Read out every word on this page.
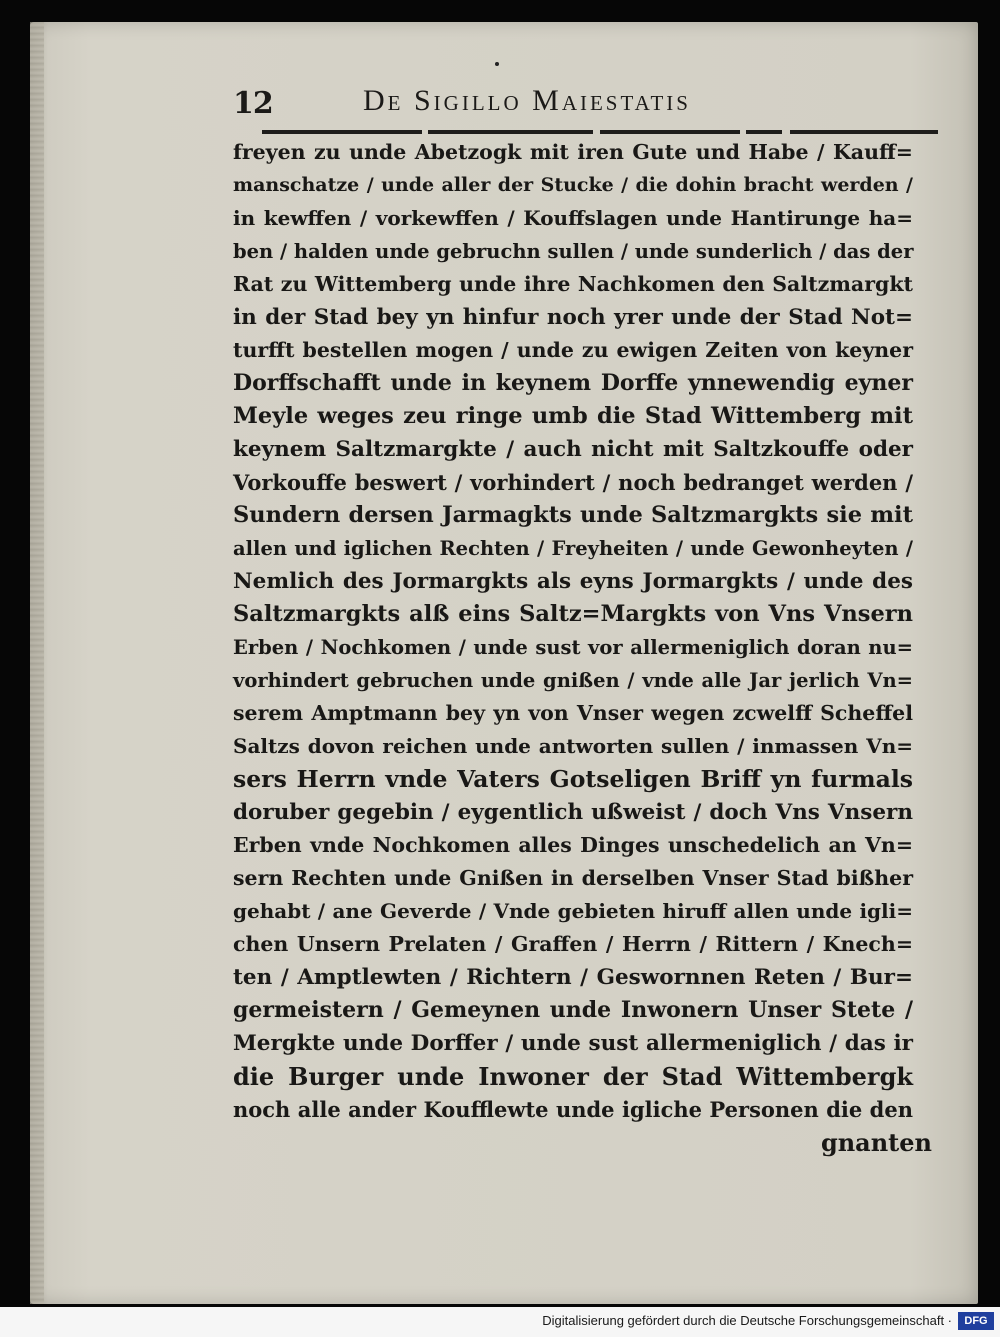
12	De Sigillo Maiestatis
freyen zu unde Abetzogk mit iren Gute und Habe / Kauff=
manschatze / unde aller der Stucke / die dohin bracht werden /
in kewffen / vorkewffen / Kouffslagen unde Hantirunge ha=
ben / halden unde gebruchn sullen / unde sunderlich / das der
Rat zu Wittemberg unde ihre Nachkomen den Saltzmargkt
in der Stad bey yn hinfur noch yrer unde der Stad Not=
turfft bestellen mogen / unde zu ewigen Zeiten von keyner
Dorffschafft unde in keynem Dorffe ynnewendig eyner
Meyle weges zeu ringe umb die Stad Wittemberg mit
keynem Saltzmargkte / auch nicht mit Saltzkouffe oder
Vorkouffe beswert / vorhindert / noch bedranget werden /
Sundern dersen Jarmagkts unde Saltzmargkts sie mit
allen und iglichen Rechten / Freyheiten / unde Gewonheyten /
Nemlich des Jormargkts als eyns Jormargkts / unde des
Saltzmargkts alß eins Saltz=Margkts von Vns Vnsern
Erben / Nochkomen / unde sust vor allermeniglich doran nu=
vorhindert gebruchen unde gnißen / vnde alle Jar jerlich Vn=
serem Amptmann bey yn von Vnser wegen zcwelff Scheffel
Saltzs dovon reichen unde antworten sullen / inmassen Vn=
sers Herrn vnde Vaters Gotseligen Briff yn furmals
doruber gegebin / eygentlich ußweist / doch Vns Vnsern
Erben vnde Nochkomen alles Dinges unschedelich an Vn=
sern Rechten unde Gnißen in derselben Vnser Stad bißher
gehabt / ane Geverde / Vnde gebieten hiruff allen unde igli=
chen Unsern Prelaten / Graffen / Herrn / Rittern / Knech=
ten / Amptlewten / Richtern / Geswornnen Reten / Bur=
germeistern / Gemeynen unde Inwonern Unser Stete /
Mergkte unde Dorffer / unde sust allermeniglich / das ir
die Burger unde Inwoner der Stad Wittembergk
noch alle ander Koufflewte unde igliche Personen die den
gnanten
Digitalisierung gefördert durch die Deutsche Forschungsgemeinschaft ·	DFG
